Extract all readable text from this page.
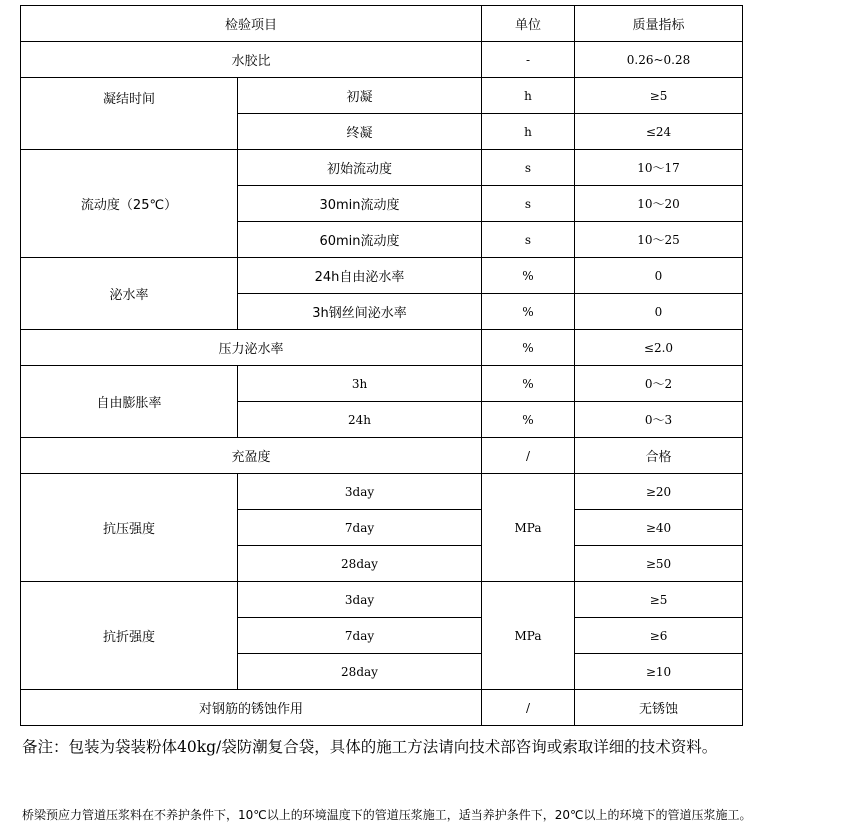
检验项目		单位	质量指标
水胶比		-	0.26~0.28
凝结时间	初凝	h	≥5
	终凝	h	≤24
流动度（25℃）	初始流动度	s	10～17
	30min流动度	s	10～20
	60min流动度	s	10～25
泌水率	24h自由泌水率	%	0
	3h钢丝间泌水率	%	0
压力泌水率		%	≤2.0
自由膨胀率	3h	%	0～2
	24h	%	0～3
充盈度		/	合格
抗压强度	3day	MPa	≥20
	7day		≥40
	28day		≥50
抗折强度	3day	MPa	≥5
	7day		≥6
	28day		≥10
对钢筋的锈蚀作用		/	无锈蚀
备注：包装为袋装粉体40kg/袋防潮复合袋，具体的施工方法请向技术部咨询或索取详细的技术资料。
桥梁预应力管道压浆料在不养护条件下，10℃以上的环境温度下的管道压浆施工，适当养护条件下，20℃以上的环境下的管道压浆施工。
